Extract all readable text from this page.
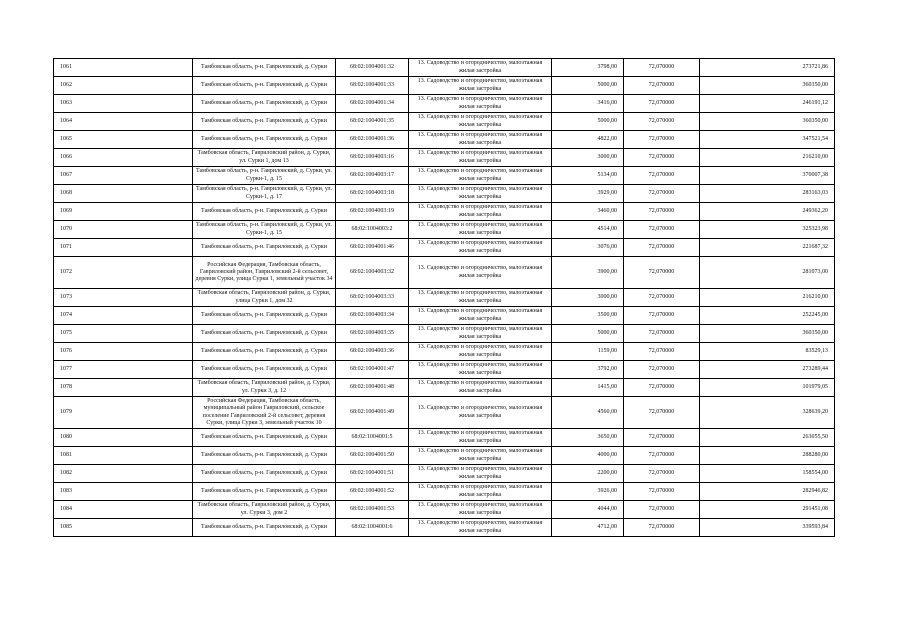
1061	Тамбовская область, р-н. Гавриловский, д. Сурки	68:02:1004001:32	13. Садоводство и огородничество, малоэтажная жилая застройка	3798,00	72,070000	273721,86
1062	Тамбовская область, р-н. Гавриловский, д. Сурки	68:02:1004001:33	13. Садоводство и огородничество, малоэтажная жилая застройка	5000,00	72,070000	360350,00
1063	Тамбовская область, р-н. Гавриловский, д. Сурки	68:02:1004001:34	13. Садоводство и огородничество, малоэтажная жилая застройка	3416,00	72,070000	246191,12
1064	Тамбовская область, р-н. Гавриловский, д. Сурки	68:02:1004001:35	13. Садоводство и огородничество, малоэтажная жилая застройка	5000,00	72,070000	360350,00
1065	Тамбовская область, р-н. Гавриловский, д. Сурки	68:02:1004001:36	13. Садоводство и огородничество, малоэтажная жилая застройка	4822,00	72,070000	347521,54
1066	Тамбовская область, Гавриловский район, д. Сурки, ул. Сурки 1, дом 13	68:02:1004003:16	13. Садоводство и огородничество, малоэтажная жилая застройка	3000,00	72,070000	216210,00
1067	Тамбовская область, р-н. Гавриловский, д. Сурки, ул. Сурки-1, д. 15	68:02:1004003:17	13. Садоводство и огородничество, малоэтажная жилая застройка	5134,00	72,070000	370007,38
1068	Тамбовская область, р-н. Гавриловский, д. Сурки, ул. Сурки-1, д. 17	68:02:1004003:18	13. Садоводство и огородничество, малоэтажная жилая застройка	3929,00	72,070000	283163,03
1069	Тамбовская область, р-н. Гавриловский, д. Сурки	68:02:1004003:19	13. Садоводство и огородничество, малоэтажная жилая застройка	3460,00	72,070000	249362,20
1070	Тамбовская область, р-н. Гавриловский, д. Сурки, ул. Сурки-1, д. 15	68:02:1004003:2	13. Садоводство и огородничество, малоэтажная жилая застройка	4514,00	72,070000	325323,98
1071	Тамбовская область, р-н. Гавриловский, д. Сурки	68:02:1004001:46	13. Садоводство и огородничество, малоэтажная жилая застройка	3076,00	72,070000	221687,32
1072	Российская Федерация, Тамбовская область, Гавриловский район, Гавриловский 2-й сельсовет, деревня Сурки, улица Сурки 1, земельный участок 34	68:02:1004003:32	13. Садоводство и огородничество, малоэтажная жилая застройка	3900,00	72,070000	281073,00
1073	Тамбовская область, Гавриловский район, д. Сурки, улица Сурки 1, дом 32	68:02:1004003:33	13. Садоводство и огородничество, малоэтажная жилая застройка	3000,00	72,070000	216210,00
1074	Тамбовская область, р-н. Гавриловский, д. Сурки	68:02:1004003:34	13. Садоводство и огородничество, малоэтажная жилая застройка	3500,00	72,070000	252245,00
1075	Тамбовская область, р-н. Гавриловский, д. Сурки	68:02:1004003:35	13. Садоводство и огородничество, малоэтажная жилая застройка	5000,00	72,070000	360350,00
1076	Тамбовская область, р-н. Гавриловский, д. Сурки	68:02:1004003:36	13. Садоводство и огородничество, малоэтажная жилая застройка	1159,00	72,070000	83529,13
1077	Тамбовская область, р-н. Гавриловский, д. Сурки	68:02:1004001:47	13. Садоводство и огородничество, малоэтажная жилая застройка	3792,00	72,070000	273289,44
1078	Тамбовская область, Гавриловский район, д. Сурки, ул. Сурки 3, д. 12	68:02:1004001:48	13. Садоводство и огородничество, малоэтажная жилая застройка	1415,00	72,070000	101979,05
1079	Российская Федерация, Тамбовская область, муниципальный район Гавриловский, сельское поселение Гавриловский 2-й сельсовет, деревня Сурки, улица Сурки 3, земельный участок 10	68:02:1004001:49	13. Садоводство и огородничество, малоэтажная жилая застройка	4560,00	72,070000	328639,20
1080	Тамбовская область, р-н. Гавриловский, д. Сурки	68:02:1004001:5	13. Садоводство и огородничество, малоэтажная жилая застройка	3650,00	72,070000	263055,50
1081	Тамбовская область, р-н. Гавриловский, д. Сурки	68:02:1004001:50	13. Садоводство и огородничество, малоэтажная жилая застройка	4000,00	72,070000	288280,00
1082	Тамбовская область, р-н. Гавриловский, д. Сурки	68:02:1004001:51	13. Садоводство и огородничество, малоэтажная жилая застройка	2200,00	72,070000	158554,00
1083	Тамбовская область, р-н. Гавриловский, д. Сурки	68:02:1004001:52	13. Садоводство и огородничество, малоэтажная жилая застройка	3926,00	72,070000	282946,82
1084	Тамбовская область, Гавриловский район, д. Сурки, ул. Сурки 3, дом 2	68:02:1004001:53	13. Садоводство и огородничество, малоэтажная жилая застройка	4044,00	72,070000	291451,08
1085	Тамбовская область, р-н. Гавриловский, д. Сурки	68:02:1004001:6	13. Садоводство и огородничество, малоэтажная жилая застройка	4712,00	72,070000	339593,84
